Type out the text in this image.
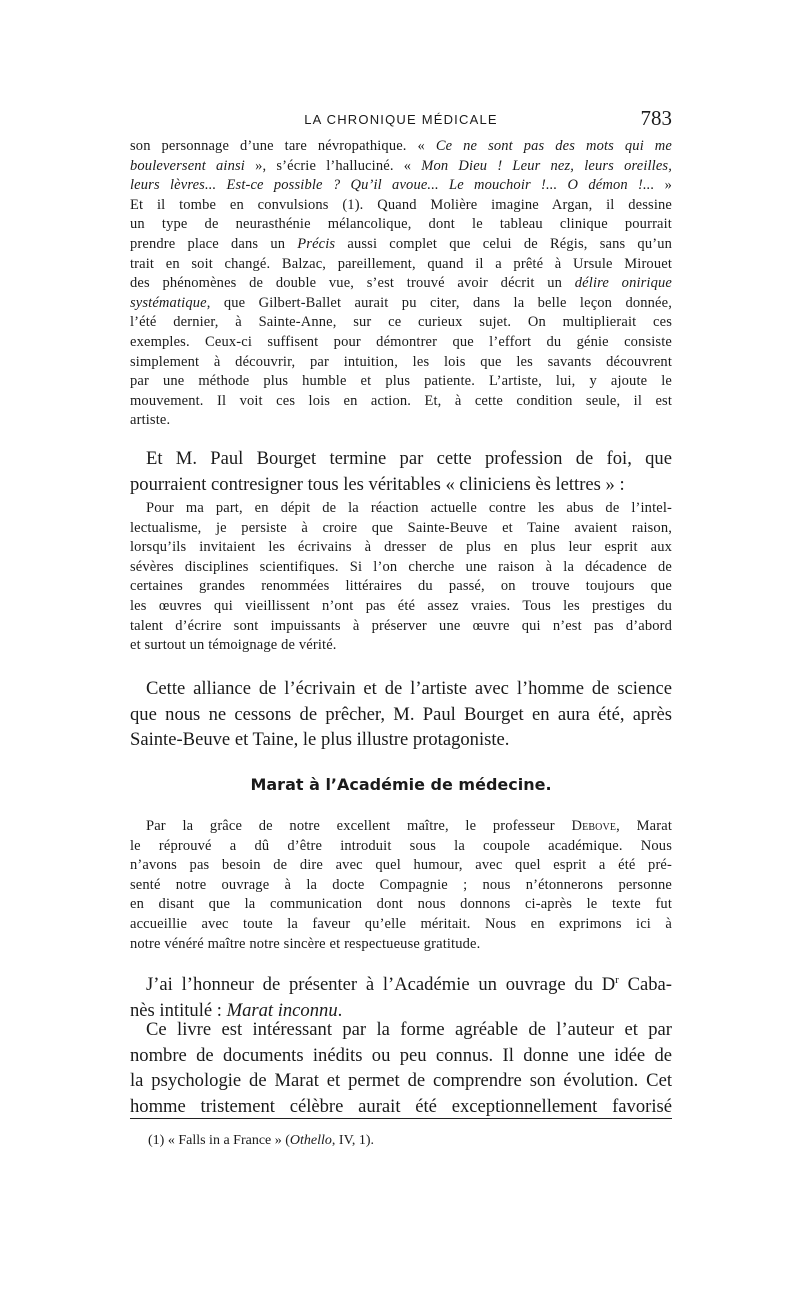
LA CHRONIQUE MÉDICALE	783
son personnage d’une tare névropathique. « Ce ne sont pas des mots qui me
bouleversent ainsi », s’écrie l’halluciné. « Mon Dieu ! Leur nez, leurs oreilles,
leurs lèvres... Est-ce possible ? Qu’il avoue... Le mouchoir !... O démon !... »
Et il tombe en convulsions (1). Quand Molière imagine Argan, il dessine
un type de neurasthénie mélancolique, dont le tableau clinique pourrait
prendre place dans un Précis aussi complet que celui de Régis, sans qu’un
trait en soit changé. Balzac, pareillement, quand il a prêté à Ursule Mirouet
des phénomènes de double vue, s’est trouvé avoir décrit un délire onirique
systématique, que Gilbert-Ballet aurait pu citer, dans la belle leçon donnée,
l’été dernier, à Sainte-Anne, sur ce curieux sujet. On multiplierait ces
exemples. Ceux-ci suffisent pour démontrer que l’effort du génie consiste
simplement à découvrir, par intuition, les lois que les savants découvrent
par une méthode plus humble et plus patiente. L’artiste, lui, y ajoute le
mouvement. Il voit ces lois en action. Et, à cette condition seule, il est
artiste.
Et M. Paul Bourget termine par cette profession de foi, que
pourraient contresigner tous les véritables « cliniciens ès lettres » :
Pour ma part, en dépit de la réaction actuelle contre les abus de l’intel-
lectualisme, je persiste à croire que Sainte-Beuve et Taine avaient raison,
lorsqu’ils invitaient les écrivains à dresser de plus en plus leur esprit aux
sévères disciplines scientifiques. Si l’on cherche une raison à la décadence de
certaines grandes renommées littéraires du passé, on trouve toujours que
les œuvres qui vieillissent n’ont pas été assez vraies. Tous les prestiges du
talent d’écrire sont impuissants à préserver une œuvre qui n’est pas d’abord
et surtout un témoignage de vérité.
Cette alliance de l’écrivain et de l’artiste avec l’homme de science
que nous ne cessons de prêcher, M. Paul Bourget en aura été, après
Sainte-Beuve et Taine, le plus illustre protagoniste.
Marat à l’Académie de médecine.
Par la grâce de notre excellent maître, le professeur Debove, Marat
le réprouvé a dû d’être introduit sous la coupole académique. Nous
n’avons pas besoin de dire avec quel humour, avec quel esprit a été pré-
senté notre ouvrage à la docte Compagnie ; nous n’étonnerons personne
en disant que la communication dont nous donnons ci-après le texte fut
accueillie avec toute la faveur qu’elle méritait. Nous en exprimons ici à
notre vénéré maître notre sincère et respectueuse gratitude.
J’ai l’honneur de présenter à l’Académie un ouvrage du $D^r$ Caba-
nès intitulé : Marat inconnu.
Ce livre est intéressant par la forme agréable de l’auteur et par
nombre de documents inédits ou peu connus. Il donne une idée de
la psychologie de Marat et permet de comprendre son évolution. Cet
homme tristement célèbre aurait été exceptionnellement favorisé
(1) « Falls in a France » (Othello, IV, 1).
